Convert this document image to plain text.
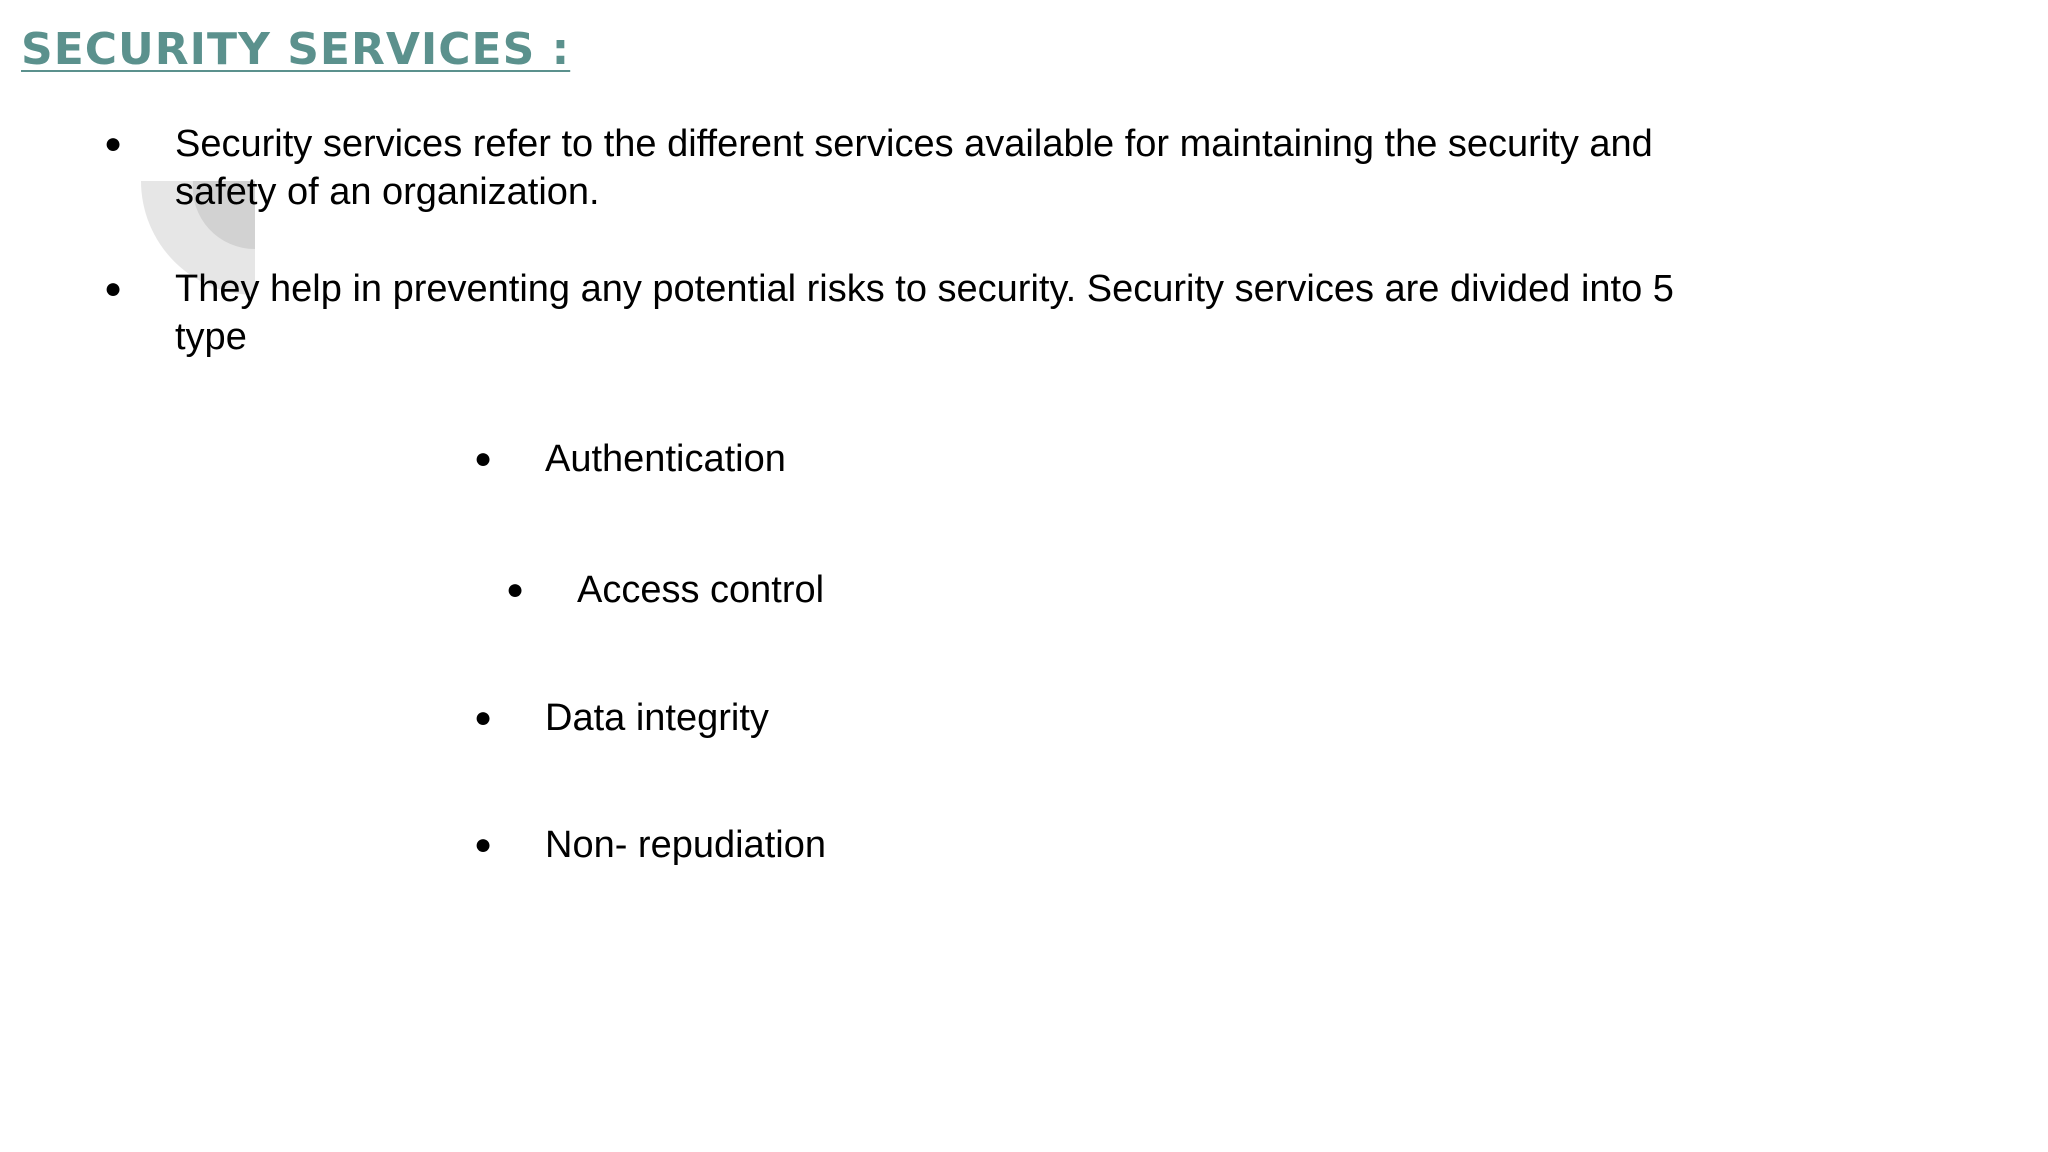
SECURITY SERVICES :
● Security services refer to the different services available for maintaining the security and
safety of an organization.
● They help in preventing any potential risks to security. Security services are divided into 5
type
● Authentication
● Access control
● Data integrity
● Non- repudiation
